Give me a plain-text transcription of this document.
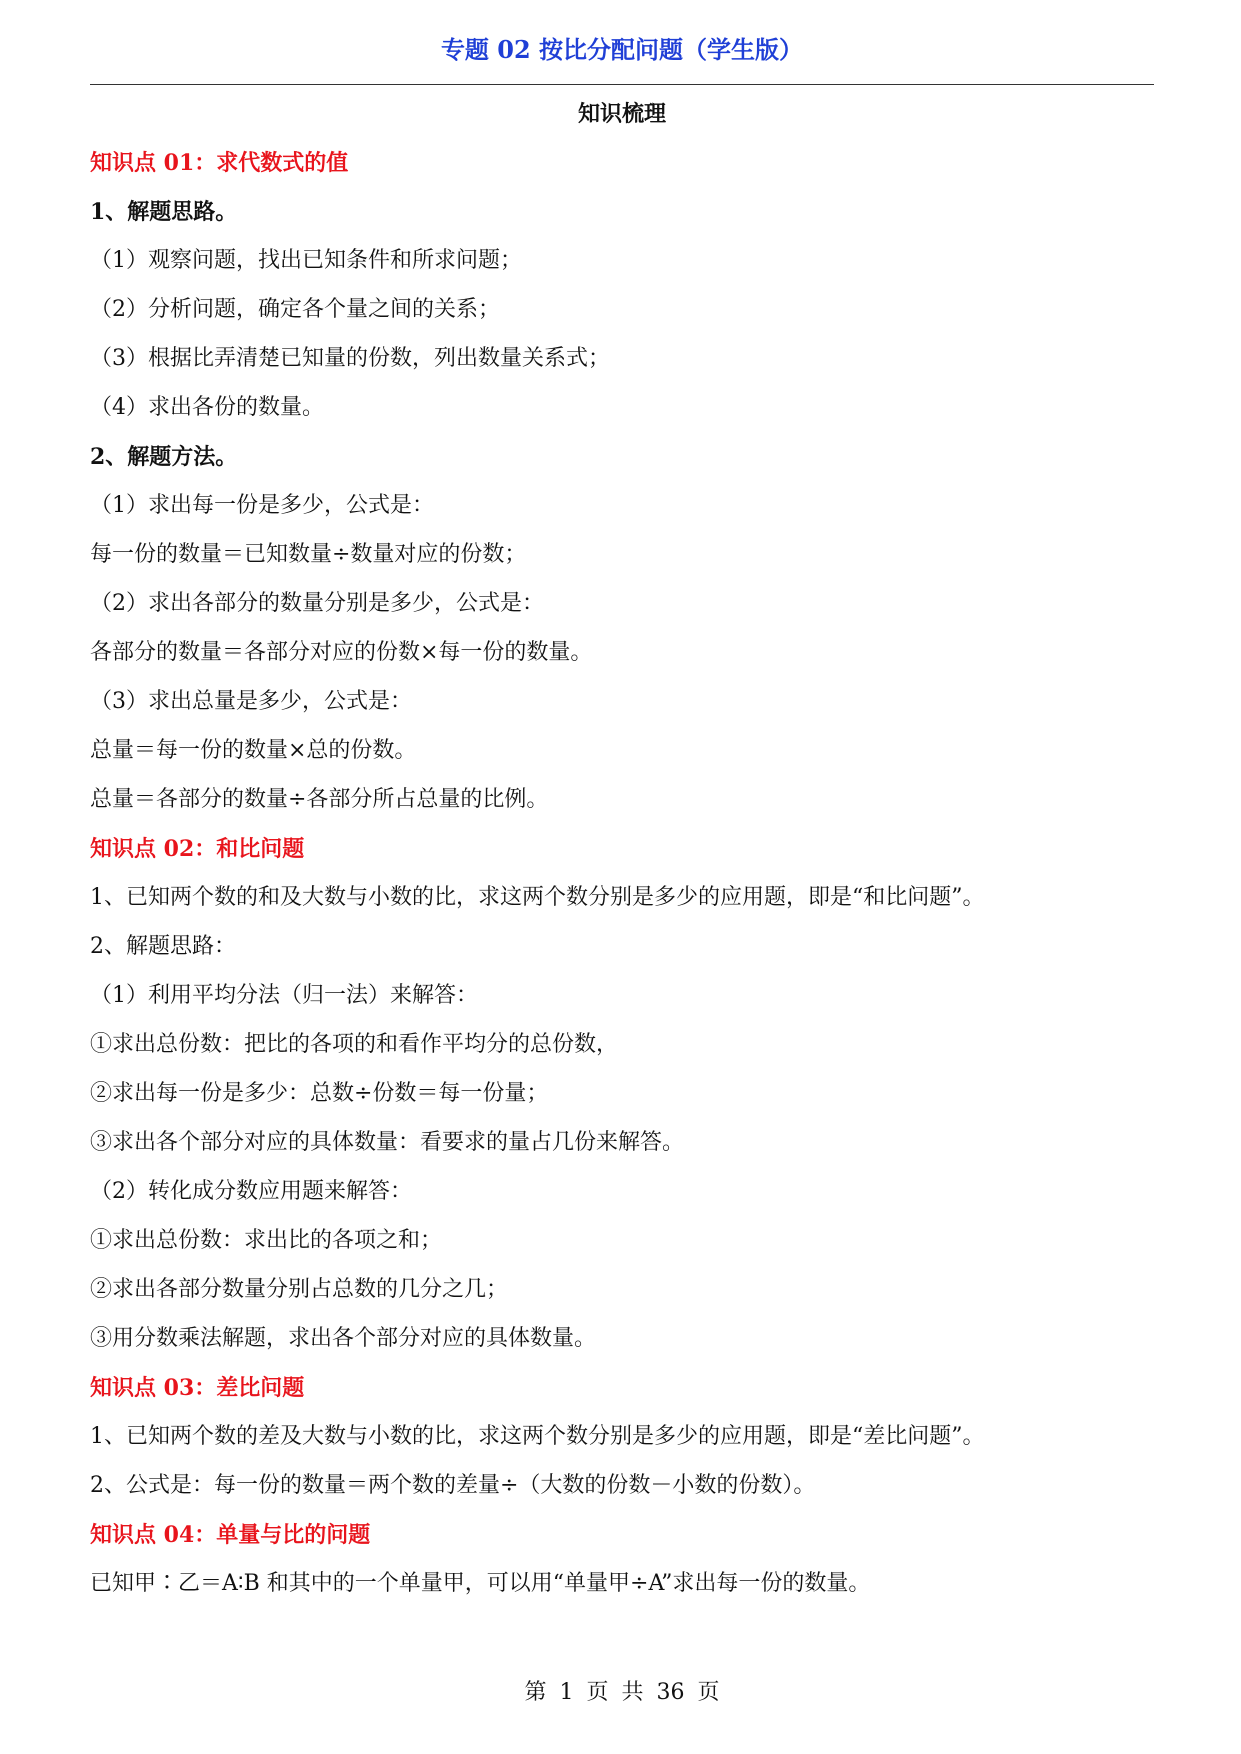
专题 02 按比分配问题（学生版）
知识梳理
知识点 01：求代数式的值
1、解题思路。
（1）观察问题，找出已知条件和所求问题；
（2）分析问题，确定各个量之间的关系；
（3）根据比弄清楚已知量的份数，列出数量关系式；
（4）求出各份的数量。
2、解题方法。
（1）求出每一份是多少，公式是：
每一份的数量＝已知数量÷数量对应的份数；
（2）求出各部分的数量分别是多少，公式是：
各部分的数量＝各部分对应的份数×每一份的数量。
（3）求出总量是多少，公式是：
总量＝每一份的数量×总的份数。
总量＝各部分的数量÷各部分所占总量的比例。
知识点 02：和比问题
1、已知两个数的和及大数与小数的比，求这两个数分别是多少的应用题，即是“和比问题”。
2、解题思路：
（1）利用平均分法（归一法）来解答：
①求出总份数：把比的各项的和看作平均分的总份数，
②求出每一份是多少：总数÷份数＝每一份量；
③求出各个部分对应的具体数量：看要求的量占几份来解答。
（2）转化成分数应用题来解答：
①求出总份数：求出比的各项之和；
②求出各部分数量分别占总数的几分之几；
③用分数乘法解题，求出各个部分对应的具体数量。
知识点 03：差比问题
1、已知两个数的差及大数与小数的比，求这两个数分别是多少的应用题，即是“差比问题”。
2、公式是：每一份的数量＝两个数的差量÷（大数的份数－小数的份数）。
知识点 04：单量与比的问题
已知甲∶乙＝A∶B 和其中的一个单量甲，可以用“单量甲÷A”求出每一份的数量。
第 1 页 共 36 页
